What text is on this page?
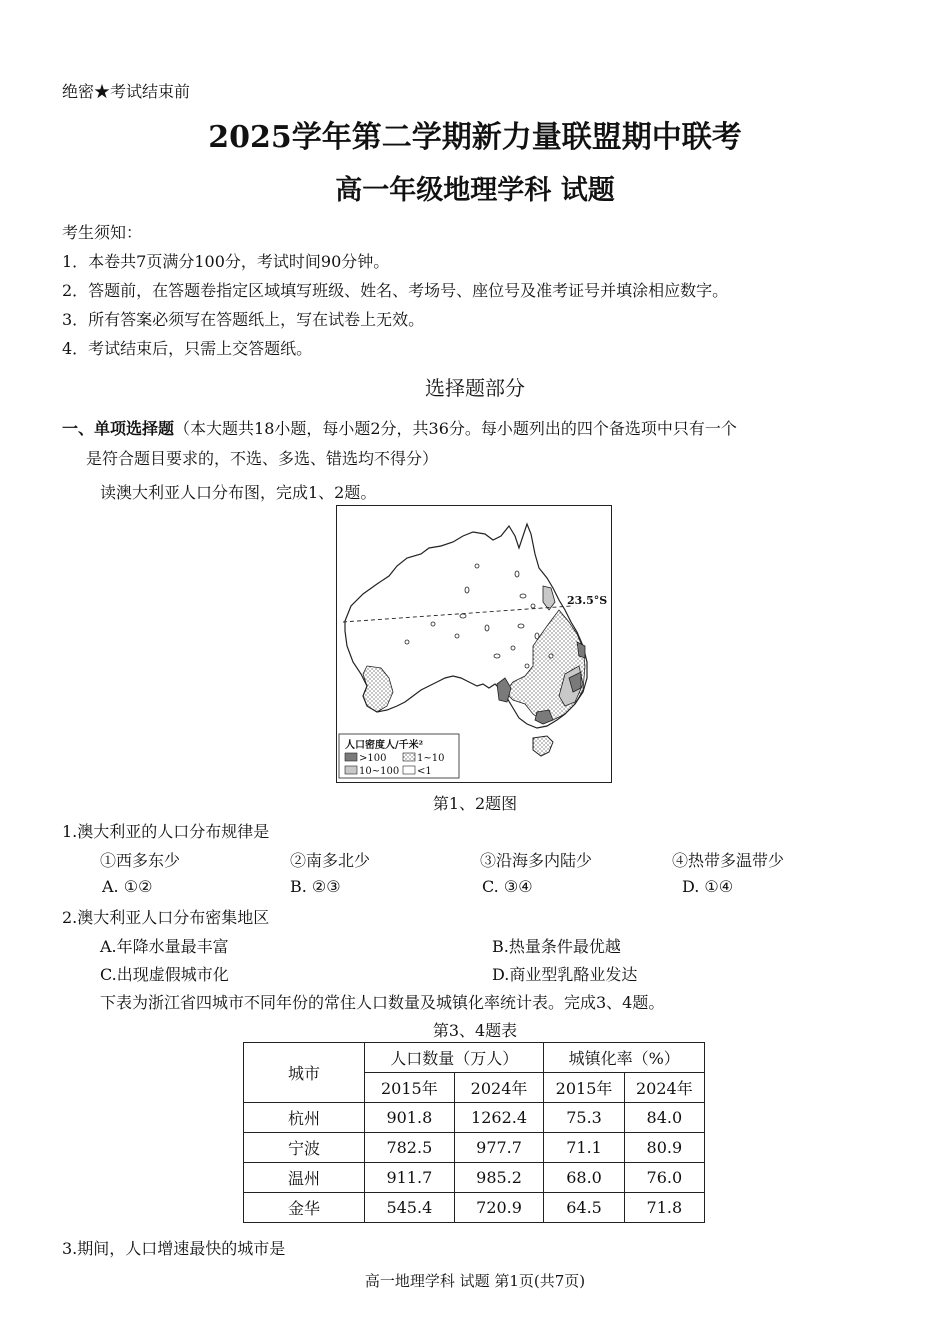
绝密★考试结束前
2025学年第二学期新力量联盟期中联考
高一年级地理学科 试题
考生须知：
1．本卷共7页满分100分，考试时间90分钟。
2．答题前，在答题卷指定区域填写班级、姓名、考场号、座位号及准考证号并填涂相应数字。
3．所有答案必须写在答题纸上，写在试卷上无效。
4．考试结束后，只需上交答题纸。
选择题部分
一、单项选择题（本大题共18小题，每小题2分，共36分。每小题列出的四个备选项中只有一个
是符合题目要求的，不选、多选、错选均不得分）
读澳大利亚人口分布图，完成1、2题。
23.5°S
人口密度人/千米²
>100	1~10
10~100 <1
第1、2题图
1.澳大利亚的人口分布规律是
①西多东少	②南多北少	③沿海多内陆少	④热带多温带少
A. ①②	B. ②③	C. ③④	D. ①④
2.澳大利亚人口分布密集地区
A.年降水量最丰富	B.热量条件最优越
C.出现虚假城市化	D.商业型乳酪业发达
下表为浙江省四城市不同年份的常住人口数量及城镇化率统计表。完成3、4题。
第3、4题表
城市	人口数量（万人）		城镇化率（%）	
	2015年	2024年	2015年	2024年
杭州	901.8	1262.4	75.3	84.0
宁波	782.5	977.7	71.1	80.9
温州	911.7	985.2	68.0	76.0
金华	545.4	720.9	64.5	71.8
3.期间，人口增速最快的城市是
高一地理学科 试题 第1页(共7页)
